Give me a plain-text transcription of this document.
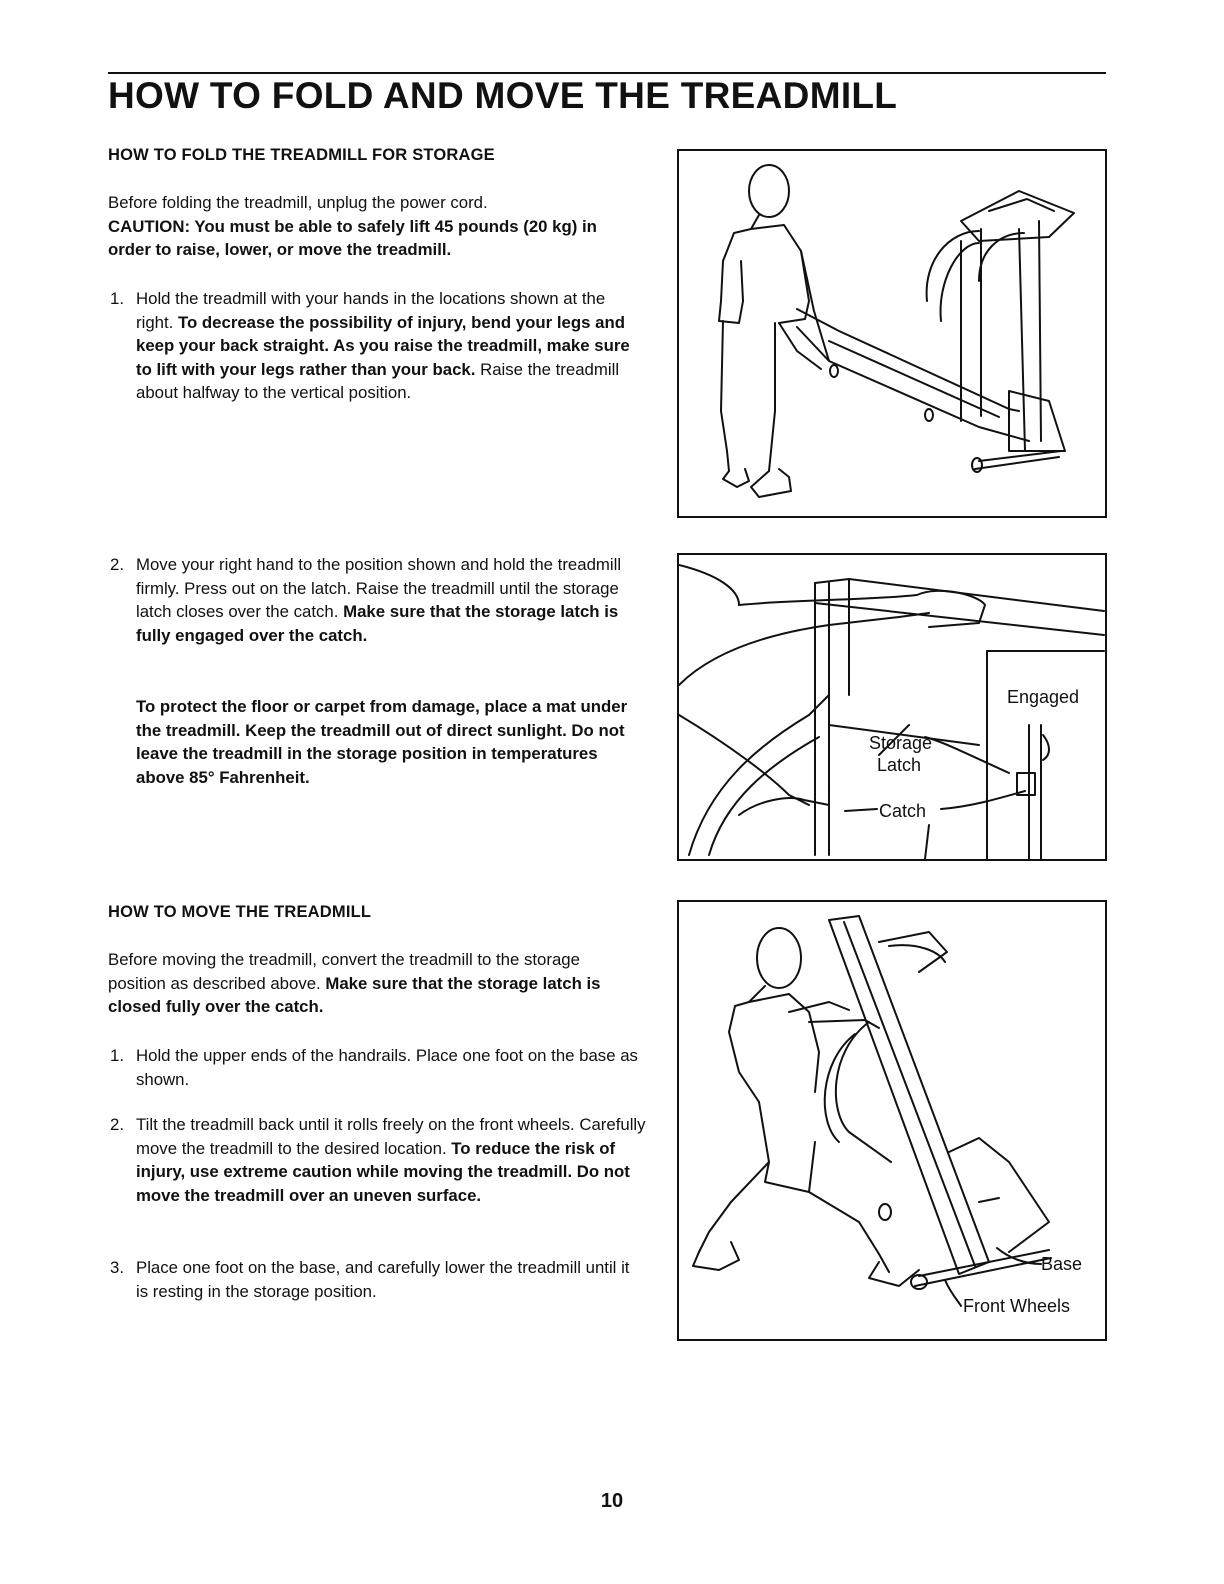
HOW TO FOLD AND MOVE THE TREADMILL

HOW TO FOLD THE TREADMILL FOR STORAGE

Before folding the treadmill, unplug the power cord.
CAUTION: You must be able to safely lift 45 pounds (20 kg) in order to raise, lower, or move the treadmill.

1. Hold the treadmill with your hands in the locations shown at the right. To decrease the possibility of injury, bend your legs and keep your back straight. As you raise the treadmill, make sure to lift with your legs rather than your back. Raise the treadmill about halfway to the vertical position.
2. Move your right hand to the position shown and hold the treadmill firmly. Press out on the latch. Raise the treadmill until the storage latch closes over the catch. Make sure that the storage latch is fully engaged over the catch.

To protect the floor or carpet from damage, place a mat under the treadmill. Keep the treadmill out of direct sunlight. Do not leave the treadmill in the storage position in temperatures above 85° Fahrenheit.

HOW TO MOVE THE TREADMILL

Before moving the treadmill, convert the treadmill to the storage position as described above. Make sure that the storage latch is closed fully over the catch.

1. Hold the upper ends of the handrails. Place one foot on the base as shown.
2. Tilt the treadmill back until it rolls freely on the front wheels. Carefully move the treadmill to the desired location. To reduce the risk of injury, use extreme caution while moving the treadmill. Do not move the treadmill over an uneven surface.
3. Place one foot on the base, and carefully lower the treadmill until it is resting in the storage position.
Engaged
Storage
Latch
Catch
Base
Front Wheels
10
